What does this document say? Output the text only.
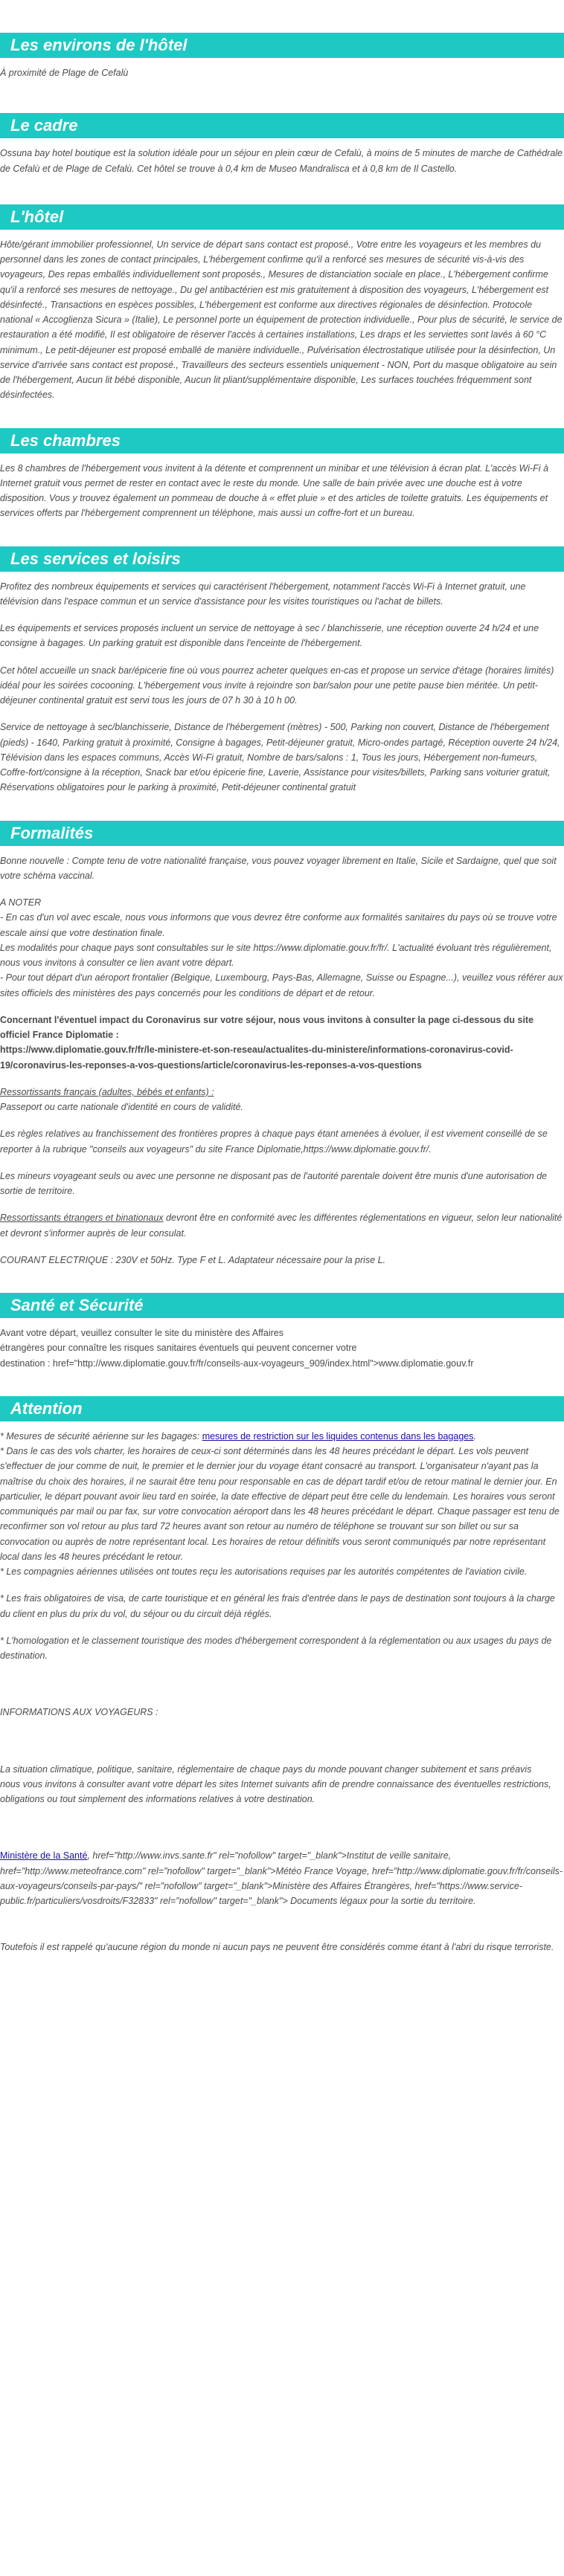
Les environs de l'hôtel

À proximité de Plage de Cefalù

Le cadre

Ossuna bay hotel boutique est la solution idéale pour un séjour en plein cœur de Cefalù, à moins de 5 minutes de marche de Cathédrale de Cefalù et de Plage de Cefalù. Cet hôtel se trouve à 0,4 km de Museo Mandralisca et à 0,8 km de Il Castello.

L'hôtel

Hôte/gérant immobilier professionnel, Un service de départ sans contact est proposé., Votre entre les voyageurs et les membres du personnel dans les zones de contact principales, L'hébergement confirme qu'il a renforcé ses mesures de sécurité vis-à-vis des voyageurs, Des repas emballés individuellement sont proposés., Mesures de distanciation sociale en place., L'hébergement confirme qu'il a renforcé ses mesures de nettoyage., Du gel antibactérien est mis gratuitement à disposition des voyageurs, L'hébergement est désinfecté., Transactions en espèces possibles, L'hébergement est conforme aux directives régionales de désinfection. Protocole national « Accoglienza Sicura » (Italie), Le personnel porte un équipement de protection individuelle., Pour plus de sécurité, le service de restauration a été modifié, Il est obligatoire de réserver l'accès à certaines installations, Les draps et les serviettes sont lavés à 60 °C minimum., Le petit-déjeuner est proposé emballé de manière individuelle., Pulvérisation électrostatique utilisée pour la désinfection, Un service d'arrivée sans contact est proposé., Travailleurs des secteurs essentiels uniquement - NON, Port du masque obligatoire au sein de l'hébergement, Aucun lit bébé disponible, Aucun lit pliant/supplémentaire disponible, Les surfaces touchées fréquemment sont désinfectées.

Les chambres

Les 8 chambres de l'hébergement vous invitent à la détente et comprennent un minibar et une télévision à écran plat. L'accès Wi-Fi à Internet gratuit vous permet de rester en contact avec le reste du monde. Une salle de bain privée avec une douche est à votre disposition. Vous y trouvez également un pommeau de douche à « effet pluie » et des articles de toilette gratuits. Les équipements et services offerts par l'hébergement comprennent un téléphone, mais aussi un coffre-fort et un bureau.

Les services et loisirs

Profitez des nombreux équipements et services qui caractérisent l'hébergement, notamment l'accès Wi-Fi à Internet gratuit, une télévision dans l'espace commun et un service d'assistance pour les visites touristiques ou l'achat de billets.

Les équipements et services proposés incluent un service de nettoyage à sec / blanchisserie, une réception ouverte 24 h/24 et une consigne à bagages. Un parking gratuit est disponible dans l'enceinte de l'hébergement.

Cet hôtel accueille un snack bar/épicerie fine où vous pourrez acheter quelques en-cas et propose un service d'étage (horaires limités) idéal pour les soirées cocooning. L'hébergement vous invite à rejoindre son bar/salon pour une petite pause bien méritée. Un petit-déjeuner continental gratuit est servi tous les jours de 07 h 30 à 10 h 00.

Service de nettoyage à sec/blanchisserie, Distance de l'hébergement (mètres) - 500, Parking non couvert, Distance de l'hébergement (pieds) - 1640, Parking gratuit à proximité, Consigne à bagages, Petit-déjeuner gratuit, Micro-ondes partagé, Réception ouverte 24 h/24, Télévision dans les espaces communs, Accès Wi-Fi gratuit, Nombre de bars/salons : 1, Tous les jours, Hébergement non-fumeurs, Coffre-fort/consigne à la réception, Snack bar et/ou épicerie fine, Laverie, Assistance pour visites/billets, Parking sans voiturier gratuit, Réservations obligatoires pour le parking à proximité, Petit-déjeuner continental gratuit

Formalités

Bonne nouvelle : Compte tenu de votre nationalité française, vous pouvez voyager librement en Italie, Sicile et Sardaigne, quel que soit votre schéma vaccinal.

A NOTER
- En cas d'un vol avec escale, nous vous informons que vous devrez être conforme aux formalités sanitaires du pays où se trouve votre escale ainsi que votre destination finale.
Les modalités pour chaque pays sont consultables sur le site https://www.diplomatie.gouv.fr/fr/. L'actualité évoluant très régulièrement, nous vous invitons à consulter ce lien avant votre départ.
- Pour tout départ d'un aéroport frontalier (Belgique, Luxembourg, Pays-Bas, Allemagne, Suisse ou Espagne...), veuillez vous référer aux sites officiels des ministères des pays concernés pour les conditions de départ et de retour.

Concernant l'éventuel impact du Coronavirus sur votre séjour, nous vous invitons à consulter la page ci-dessous du site officiel France Diplomatie :
https://www.diplomatie.gouv.fr/fr/le-ministere-et-son-reseau/actualites-du-ministere/informations-coronavirus-covid-19/coronavirus-les-reponses-a-vos-questions/article/coronavirus-les-reponses-a-vos-questions

Ressortissants français (adultes, bébés et enfants) :

Passeport ou carte nationale d'identité en cours de validité.

Les règles relatives au franchissement des frontières propres à chaque pays étant amenées à évoluer, il est vivement conseillé de se reporter à la rubrique "conseils aux voyageurs" du site France Diplomatie,https://www.diplomatie.gouv.fr/.

Les mineurs voyageant seuls ou avec une personne ne disposant pas de l'autorité parentale doivent être munis d'une autorisation de sortie de territoire.

Ressortissants étrangers et binationaux devront être en conformité avec les différentes réglementations en vigueur, selon leur nationalité et devront s'informer auprès de leur consulat.

COURANT ELECTRIQUE : 230V et 50Hz. Type F et L. Adaptateur nécessaire pour la prise L.

Santé et Sécurité

Avant votre départ, veuillez consulter le site du ministère des Affaires
étrangères pour connaître les risques sanitaires éventuels qui peuvent concerner votre
destination : href="http://www.diplomatie.gouv.fr/fr/conseils-aux-voyageurs_909/index.html">www.diplomatie.gouv.fr

Attention

* Mesures de sécurité aérienne sur les bagages: mesures de restriction sur les liquides contenus dans les bagages.

* Dans le cas des vols charter, les horaires de ceux-ci sont déterminés dans les 48 heures précédant le départ. Les vols peuvent s'effectuer de jour comme de nuit, le premier et le dernier jour du voyage étant consacré au transport. L'organisateur n'ayant pas la maîtrise du choix des horaires, il ne saurait être tenu pour responsable en cas de départ tardif et/ou de retour matinal le dernier jour. En particulier, le départ pouvant avoir lieu tard en soirée, la date effective de départ peut être celle du lendemain. Les horaires vous seront communiqués par mail ou par fax, sur votre convocation aéroport dans les 48 heures précédant le départ. Chaque passager est tenu de reconfirmer son vol retour au plus tard 72 heures avant son retour au numéro de téléphone se trouvant sur son billet ou sur sa convocation ou auprès de notre représentant local. Les horaires de retour définitifs vous seront communiqués par notre représentant local dans les 48 heures précédant le retour.
* Les compagnies aériennes utilisées ont toutes reçu les autorisations requises par les autorités compétentes de l'aviation civile.

* Les frais obligatoires de visa, de carte touristique et en général les frais d'entrée dans le pays de destination sont toujours à la charge du client en plus du prix du vol, du séjour ou du circuit déjà réglés.

* L'homologation et le classement touristique des modes d'hébergement correspondent à la réglementation ou aux usages du pays de destination.

INFORMATIONS AUX VOYAGEURS :

La situation climatique, politique, sanitaire, réglementaire de chaque pays du monde pouvant changer subitement et sans préavis
nous vous invitons à consulter avant votre départ les sites Internet suivants afin de prendre connaissance des éventuelles restrictions, obligations ou tout simplement des informations relatives à votre destination.

Ministère de la Santé, href="http://www.invs.sante.fr" rel="nofollow" target="_blank">Institut de veille sanitaire, href="http://www.meteofrance.com" rel="nofollow" target="_blank">Météo France Voyage, href="http://www.diplomatie.gouv.fr/fr/conseils-aux-voyageurs/conseils-par-pays/" rel="nofollow" target="_blank">Ministère des Affaires Étrangères, href="https://www.service-public.fr/particuliers/vosdroits/F32833" rel="nofollow" target="_blank"> Documents légaux pour la sortie du territoire.

Toutefois il est rappelé qu'aucune région du monde ni aucun pays ne peuvent être considérés comme étant à l'abri du risque terroriste.
